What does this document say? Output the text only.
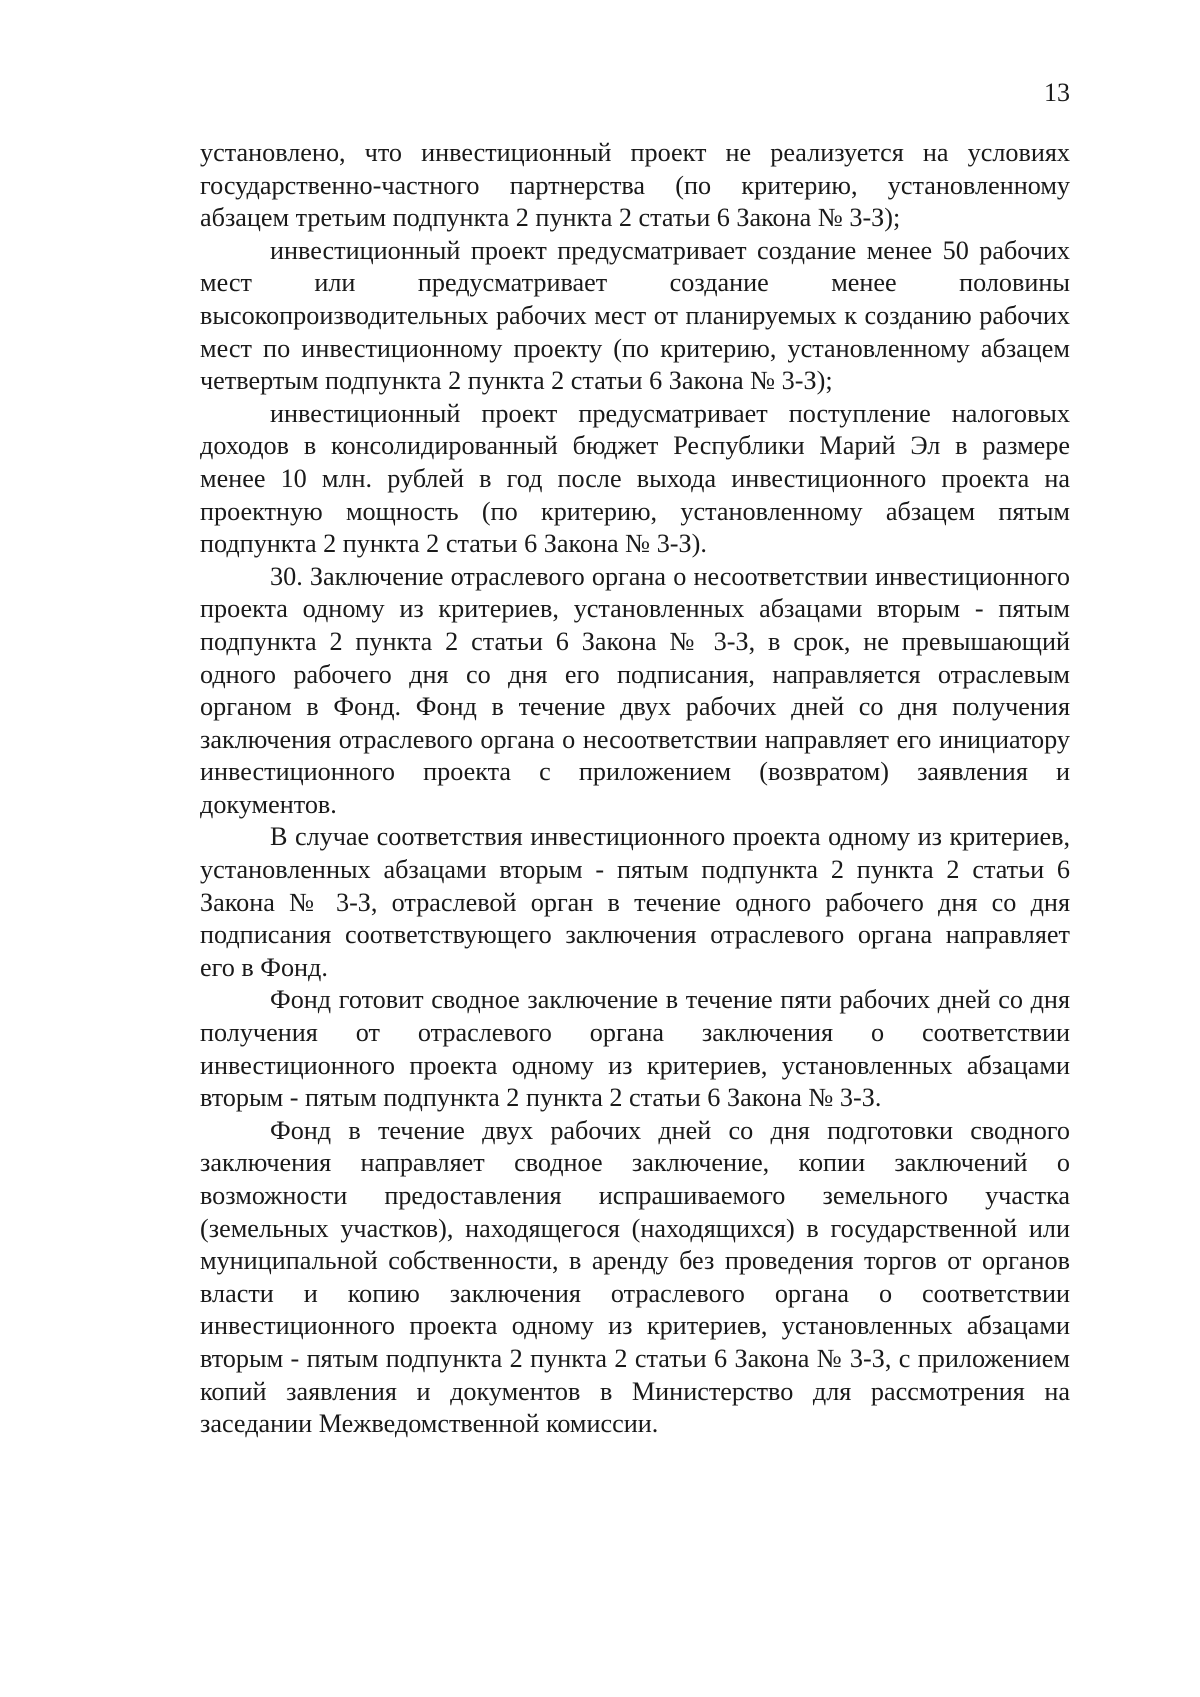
13

установлено, что инвестиционный проект не реализуется на условиях государственно-частного партнерства (по критерию, установленному абзацем третьим подпункта 2 пункта 2 статьи 6 Закона № 3-З);

инвестиционный проект предусматривает создание менее 50 рабочих мест или предусматривает создание менее половины высокопроизводительных рабочих мест от планируемых к созданию рабочих мест по инвестиционному проекту (по критерию, установленному абзацем четвертым подпункта 2 пункта 2 статьи 6 Закона № 3-З);

инвестиционный проект предусматривает поступление налоговых доходов в консолидированный бюджет Республики Марий Эл в размере менее 10 млн. рублей в год после выхода инвестиционного проекта на проектную мощность (по критерию, установленному абзацем пятым подпункта 2 пункта 2 статьи 6 Закона № 3-З).

30. Заключение отраслевого органа о несоответствии инвестиционного проекта одному из критериев, установленных абзацами вторым - пятым подпункта 2 пункта 2 статьи 6 Закона № 3-З, в срок, не превышающий одного рабочего дня со дня его подписания, направляется отраслевым органом в Фонд. Фонд в течение двух рабочих дней со дня получения заключения отраслевого органа о несоответствии направляет его инициатору инвестиционного проекта с приложением (возвратом) заявления и документов.

В случае соответствия инвестиционного проекта одному из критериев, установленных абзацами вторым - пятым подпункта 2 пункта 2 статьи 6 Закона № 3-З, отраслевой орган в течение одного рабочего дня со дня подписания соответствующего заключения отраслевого органа направляет его в Фонд.

Фонд готовит сводное заключение в течение пяти рабочих дней со дня получения от отраслевого органа заключения о соответствии инвестиционного проекта одному из критериев, установленных абзацами вторым - пятым подпункта 2 пункта 2 статьи 6 Закона № 3-З.

Фонд в течение двух рабочих дней со дня подготовки сводного заключения направляет сводное заключение, копии заключений о возможности предоставления испрашиваемого земельного участка (земельных участков), находящегося (находящихся) в государственной или муниципальной собственности, в аренду без проведения торгов от органов власти и копию заключения отраслевого органа о соответствии инвестиционного проекта одному из критериев, установленных абзацами вторым - пятым подпункта 2 пункта 2 статьи 6 Закона № 3-З, с приложением копий заявления и документов в Министерство для рассмотрения на заседании Межведомственной комиссии.
